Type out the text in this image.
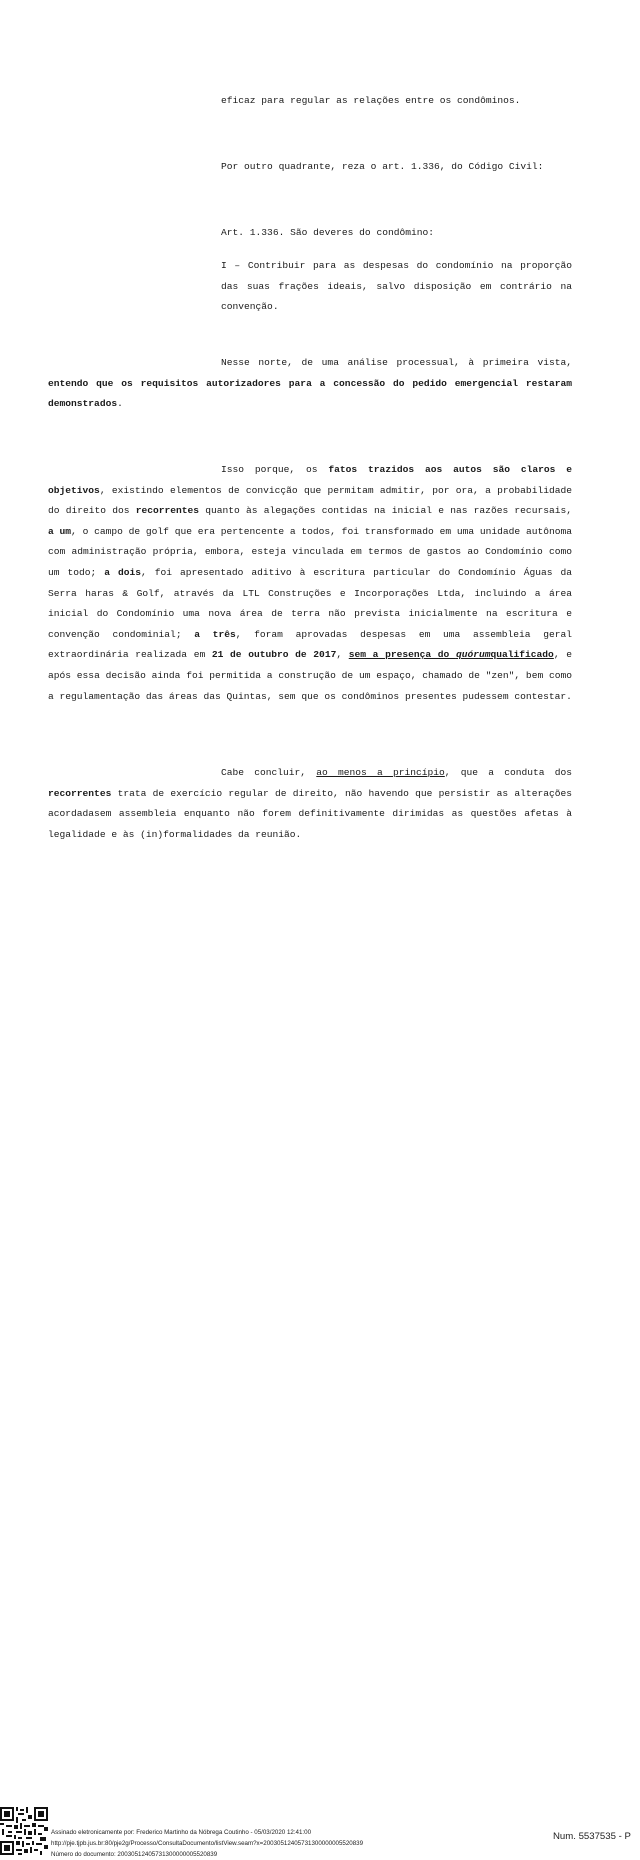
eficaz para regular as relações entre os condôminos.

Por outro quadrante, reza o art. 1.336, do Código Civil:

Art. 1.336. São deveres do condômino:

I – Contribuir para as despesas do condomínio na proporção das suas frações ideais, salvo disposição em contrário na convenção.

Nesse norte, de uma análise processual, à primeira vista, entendo que os requisitos autorizadores para a concessão do pedido emergencial restaram demonstrados.

Isso porque, os fatos trazidos aos autos são claros e objetivos, existindo elementos de convicção que permitam admitir, por ora, a probabilidade do direito dos recorrentes quanto às alegações contidas na inicial e nas razões recursais, a um, o campo de golf que era pertencente a todos, foi transformado em uma unidade autônoma com administração própria, embora, esteja vinculada em termos de gastos ao Condomínio como um todo; a dois, foi apresentado aditivo à escritura particular do Condomínio Águas da Serra haras & Golf, através da LTL Construções e Incorporações Ltda, incluindo a área inicial do Condomínio uma nova área de terra não prevista inicialmente na escritura e convenção condominial; a três, foram aprovadas despesas em uma assembleia geral extraordinária realizada em 21 de outubro de 2017, sem a presença do quórumqualificado, e após essa decisão ainda foi permitida a construção de um espaço, chamado de "zen", bem como a regulamentação das áreas das Quintas, sem que os condôminos presentes pudessem contestar.

Cabe concluir, ao menos a princípio, que a conduta dos recorrentes trata de exercício regular de direito, não havendo que persistir as alterações acordadasem assembleia enquanto não forem definitivamente dirimidas as questões afetas à legalidade e às (in)formalidades da reunião.

Assinado eletronicamente por: Frederico Martinho da Nóbrega Coutinho - 05/03/2020 12:41:00
http://pje.tjpb.jus.br:80/pje2g/Processo/ConsultaDocumento/listView.seam?x=20030512405731300000005520839
Número do documento: 20030512405731300000005520839
Num. 5537535 - P
